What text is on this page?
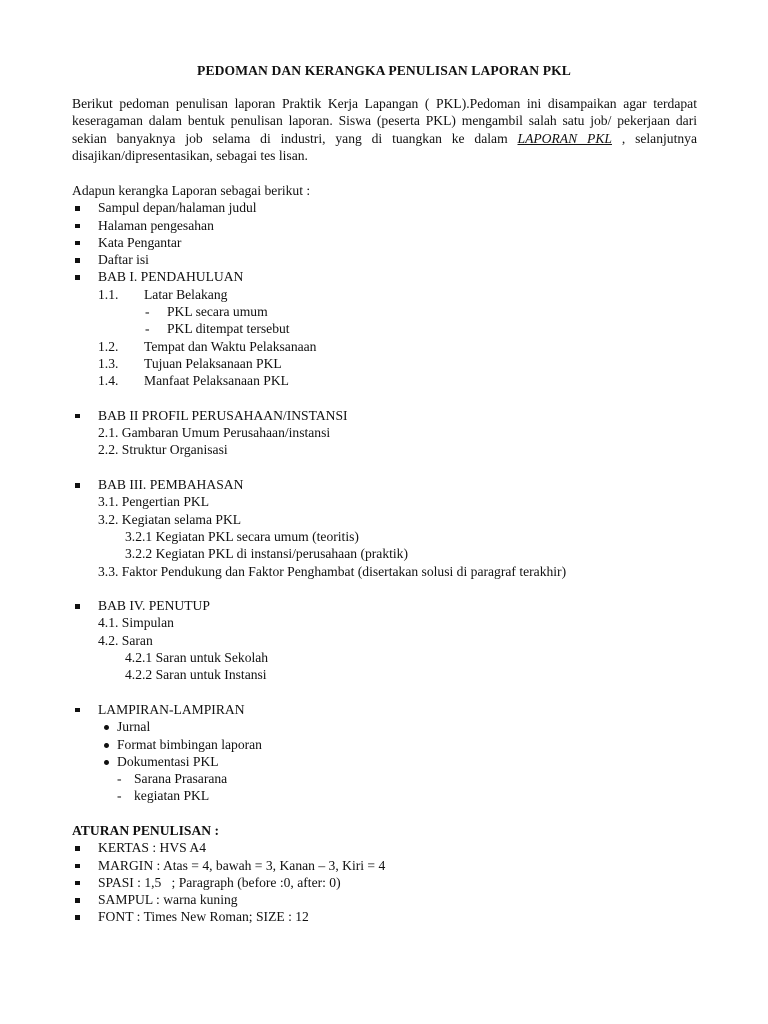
PEDOMAN DAN KERANGKA PENULISAN LAPORAN PKL
Berikut pedoman penulisan laporan Praktik Kerja Lapangan ( PKL).Pedoman ini disampaikan agar terdapat keseragaman dalam bentuk penulisan laporan. Siswa (peserta PKL) mengambil salah satu job/ pekerjaan dari sekian banyaknya job selama di industri, yang di tuangkan ke dalam LAPORAN PKL , selanjutnya disajikan/dipresentasikan, sebagai tes lisan.
Adapun kerangka Laporan sebagai berikut :
Sampul depan/halaman judul
Halaman pengesahan
Kata Pengantar
Daftar isi
BAB I. PENDAHULUAN
1.1. Latar Belakang
- PKL secara umum
- PKL ditempat tersebut
1.2. Tempat dan Waktu Pelaksanaan
1.3. Tujuan Pelaksanaan PKL
1.4. Manfaat Pelaksanaan PKL
BAB II PROFIL PERUSAHAAN/INSTANSI
2.1. Gambaran Umum Perusahaan/instansi
2.2. Struktur Organisasi
BAB III. PEMBAHASAN
3.1. Pengertian PKL
3.2. Kegiatan selama PKL
3.2.1 Kegiatan PKL secara umum (teoritis)
3.2.2 Kegiatan PKL di instansi/perusahaan (praktik)
3.3. Faktor Pendukung dan Faktor Penghambat (disertakan solusi di paragraf terakhir)
BAB IV. PENUTUP
4.1. Simpulan
4.2. Saran
4.2.1 Saran untuk Sekolah
4.2.2 Saran untuk Instansi
LAMPIRAN-LAMPIRAN
Jurnal
Format bimbingan laporan
Dokumentasi PKL
- Sarana Prasarana
- kegiatan PKL
ATURAN PENULISAN :
KERTAS : HVS A4
MARGIN : Atas = 4, bawah = 3, Kanan – 3, Kiri = 4
SPASI : 1,5   ; Paragraph (before :0, after: 0)
SAMPUL : warna kuning
FONT : Times New Roman; SIZE : 12
